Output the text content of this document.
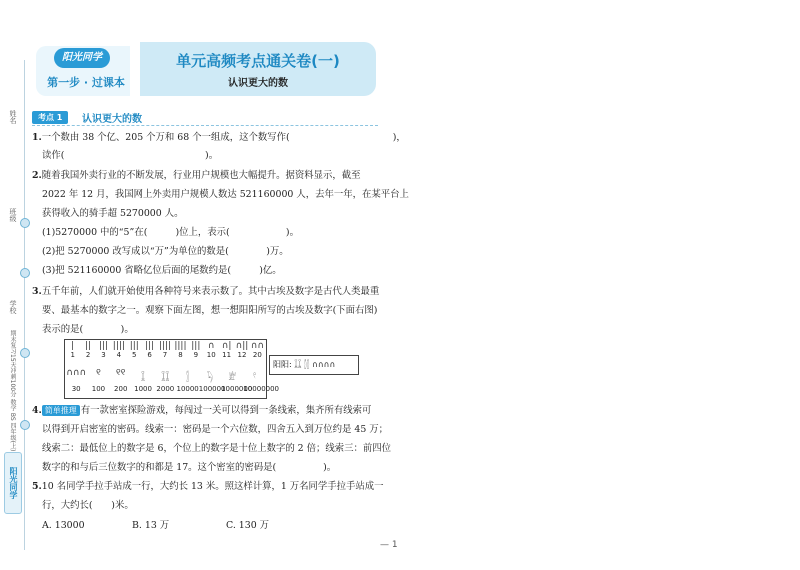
姓名
班级
学校
期末复习15天冲刺100分 数学 BS 四年级(上)
阳光同学
阳光同学
第一步 · 过课本
单元高频考点通关卷(一)
认识更大的数
考点 1	认识更大的数
1.一个数由 38 个亿、205 个万和 68 个一组成，这个数写作(　　　　　　　　　　　)，
读作(　　　　　　　　　　　　　　　)。
2.随着我国外卖行业的不断发展，行业用户规模也大幅提升。据资料显示，截至
2022 年 12 月，我国网上外卖用户规模人数达 521160000 人，去年一年，在某平台上
获得收入的骑手超 5270000 人。
(1)5270000 中的“5”在(　　　)位上，表示(　　　　　　)。
(2)把 5270000 改写成以“万”为单位的数是(　　　　)万。
(3)把 521160000 省略亿位后面的尾数约是(　　　)亿。
3.五千年前，人们就开始使用各种符号来表示数了。其中古埃及数字是古代人类最重
要、最基本的数字之一。观察下面左图，想一想阳阳所写的古埃及数字(下面右图)
表示的是(　　　　)。
|	|| ||| |||| ||| ||| |||| |||| ||| ∩ ∩| ∩|| ∩∩
1	2	3	4	5	6	7	8	9	10 11 12 20
∩∩∩	୧	୧୧	𓆼	𓆼𓆼	𓂭	𓆐	𓁨	𓍢
30	100	200 1000 2000 10000 100000
1000000
10000000
阳阳: 𓆼𓆼 𓂭𓂭 ∩∩∩∩
4. 简单推理 有一款密室探险游戏，每闯过一关可以得到一条线索，集齐所有线索可
以得到开启密室的密码。线索一：密码是一个六位数，四舍五入到万位约是 45 万；
线索二：最低位上的数字是 6，个位上的数字是十位上数字的 2 倍；线索三：前四位
数字的和与后三位数字的和都是 17。这个密室的密码是(　　　　　)。
5.10 名同学手拉手站成一行，大约长 13 米。照这样计算，1 万名同学手拉手站成一
行，大约长(　　)米。
A. 13000	B. 13 万	C. 130 万
— 1
